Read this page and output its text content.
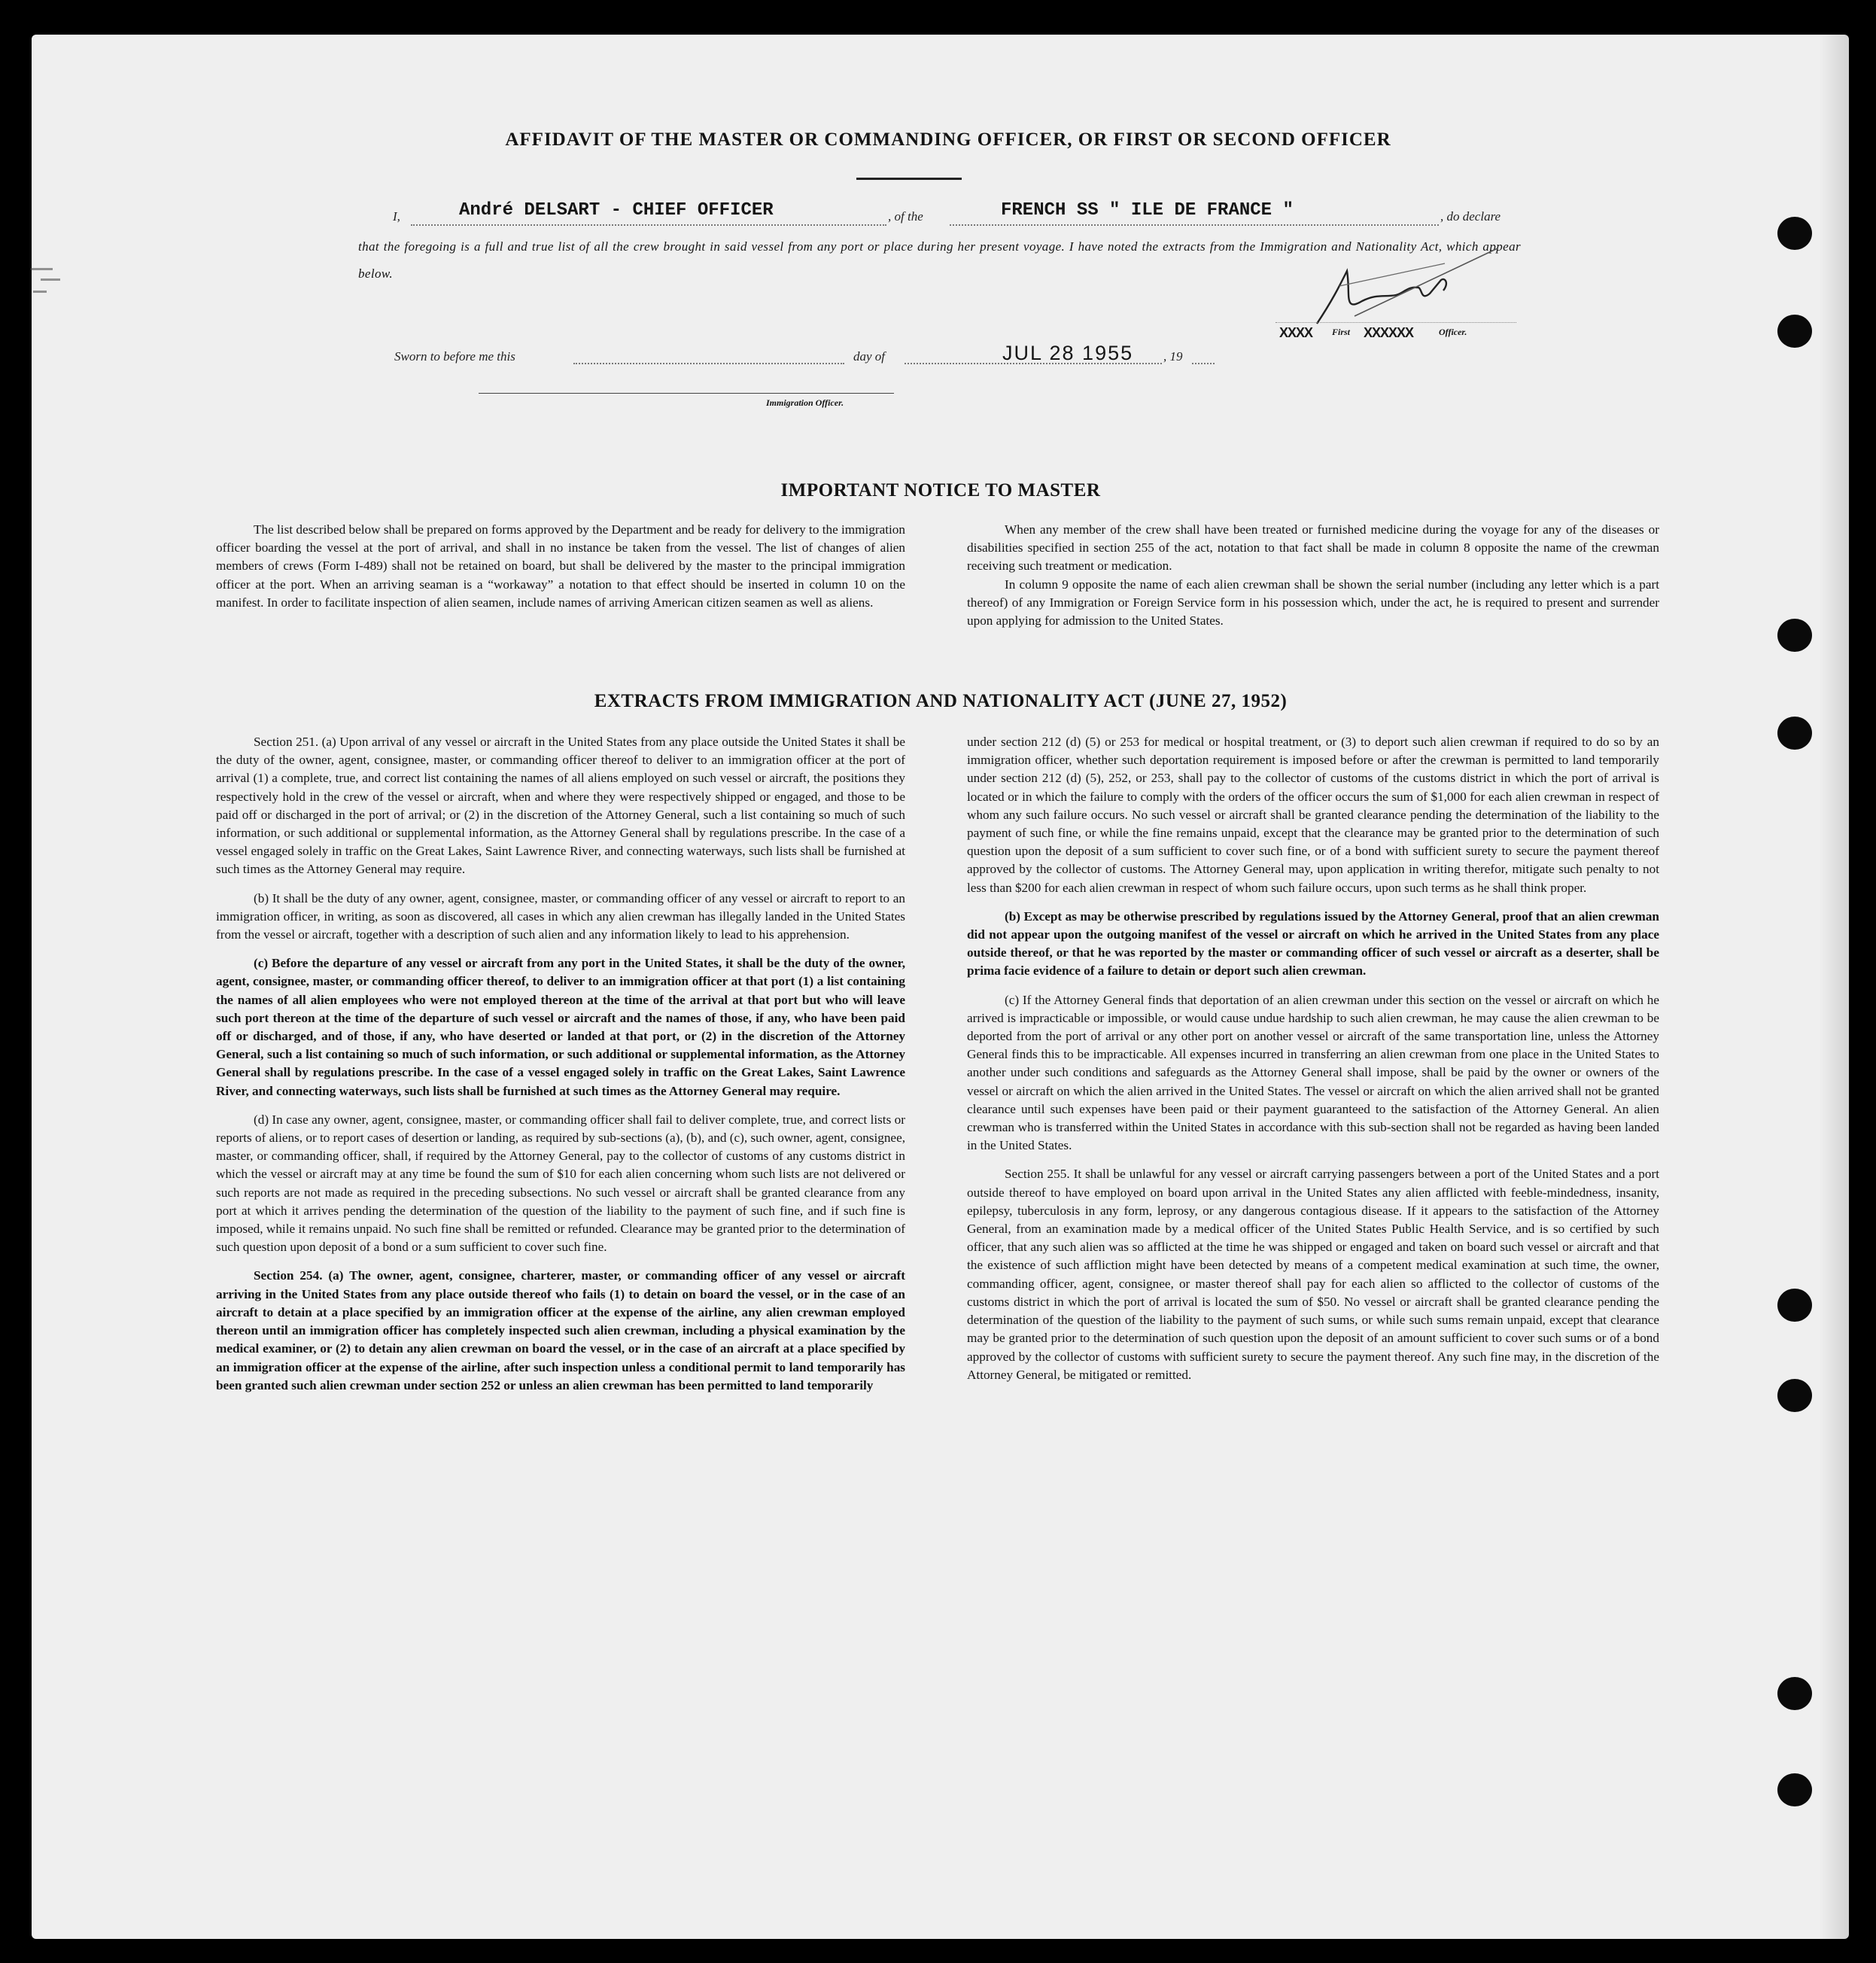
AFFIDAVIT OF THE MASTER OR COMMANDING OFFICER, OR FIRST OR SECOND OFFICER
I,	André DELSART - CHIEF OFFICER	, of the	FRENCH SS " ILE DE FRANCE "	, do declare
that the foregoing is a full and true list of all the crew brought in said vessel from any port or place during her present voyage. I have noted the extracts from the Immigration and Nationality Act, which appear below.
XXXX First XXXXXX	Officer.
Sworn to before me this	day of	JUL 28 1955 , 19
Immigration Officer.
IMPORTANT NOTICE TO MASTER

The list described below shall be prepared on forms approved by the Department and be ready for delivery to the immigration officer boarding the vessel at the port of arrival, and shall in no instance be taken from the vessel. The list of changes of alien members of crews (Form I-489) shall not be retained on board, but shall be delivered by the master to the principal immigration officer at the port. When an arriving seaman is a “workaway” a notation to that effect should be inserted in column 10 on the manifest. In order to facilitate inspection of alien seamen, include names of arriving American citizen seamen as well as aliens.

When any member of the crew shall have been treated or furnished medicine during the voyage for any of the diseases or disabilities specified in section 255 of the act, notation to that fact shall be made in column 8 opposite the name of the crewman receiving such treatment or medication.

In column 9 opposite the name of each alien crewman shall be shown the serial number (including any letter which is a part thereof) of any Immigration or Foreign Service form in his possession which, under the act, he is required to present and surrender upon applying for admission to the United States.

EXTRACTS FROM IMMIGRATION AND NATIONALITY ACT (JUNE 27, 1952)

Section 251. (a) Upon arrival of any vessel or aircraft in the United States from any place outside the United States it shall be the duty of the owner, agent, consignee, master, or commanding officer thereof to deliver to an immigration officer at the port of arrival (1) a complete, true, and correct list containing the names of all aliens employed on such vessel or aircraft, the positions they respectively hold in the crew of the vessel or aircraft, when and where they were respectively shipped or engaged, and those to be paid off or discharged in the port of arrival; or (2) in the discretion of the Attorney General, such a list containing so much of such information, or such additional or supplemental information, as the Attorney General shall by regulations prescribe. In the case of a vessel engaged solely in traffic on the Great Lakes, Saint Lawrence River, and connecting waterways, such lists shall be furnished at such times as the Attorney General may require.

(b) It shall be the duty of any owner, agent, consignee, master, or commanding officer of any vessel or aircraft to report to an immigration officer, in writing, as soon as discovered, all cases in which any alien crewman has illegally landed in the United States from the vessel or aircraft, together with a description of such alien and any information likely to lead to his apprehension.

(c) Before the departure of any vessel or aircraft from any port in the United States, it shall be the duty of the owner, agent, consignee, master, or commanding officer thereof, to deliver to an immigration officer at that port (1) a list containing the names of all alien employees who were not employed thereon at the time of the arrival at that port but who will leave such port thereon at the time of the departure of such vessel or aircraft and the names of those, if any, who have been paid off or discharged, and of those, if any, who have deserted or landed at that port, or (2) in the discretion of the Attorney General, such a list containing so much of such information, or such additional or supplemental information, as the Attorney General shall by regulations prescribe. In the case of a vessel engaged solely in traffic on the Great Lakes, Saint Lawrence River, and connecting waterways, such lists shall be furnished at such times as the Attorney General may require.

(d) In case any owner, agent, consignee, master, or commanding officer shall fail to deliver complete, true, and correct lists or reports of aliens, or to report cases of desertion or landing, as required by sub-sections (a), (b), and (c), such owner, agent, consignee, master, or commanding officer, shall, if required by the Attorney General, pay to the collector of customs of any customs district in which the vessel or aircraft may at any time be found the sum of $10 for each alien concerning whom such lists are not delivered or such reports are not made as required in the preceding subsections. No such vessel or aircraft shall be granted clearance from any port at which it arrives pending the determination of the question of the liability to the payment of such fine, and if such fine is imposed, while it remains unpaid. No such fine shall be remitted or refunded. Clearance may be granted prior to the determination of such question upon deposit of a bond or a sum sufficient to cover such fine.

Section 254. (a) The owner, agent, consignee, charterer, master, or commanding officer of any vessel or aircraft arriving in the United States from any place outside thereof who fails (1) to detain on board the vessel, or in the case of an aircraft to detain at a place specified by an immigration officer at the expense of the airline, any alien crewman employed thereon until an immigration officer has completely inspected such alien crewman, including a physical examination by the medical examiner, or (2) to detain any alien crewman on board the vessel, or in the case of an aircraft at a place specified by an immigration officer at the expense of the airline, after such inspection unless a conditional permit to land temporarily has been granted such alien crewman under section 252 or unless an alien crewman has been permitted to land temporarily

under section 212 (d) (5) or 253 for medical or hospital treatment, or (3) to deport such alien crewman if required to do so by an immigration officer, whether such deportation requirement is imposed before or after the crewman is permitted to land temporarily under section 212 (d) (5), 252, or 253, shall pay to the collector of customs of the customs district in which the port of arrival is located or in which the failure to comply with the orders of the officer occurs the sum of $1,000 for each alien crewman in respect of whom any such failure occurs. No such vessel or aircraft shall be granted clearance pending the determination of the liability to the payment of such fine, or while the fine remains unpaid, except that the clearance may be granted prior to the determination of such question upon the deposit of a sum sufficient to cover such fine, or of a bond with sufficient surety to secure the payment thereof approved by the collector of customs. The Attorney General may, upon application in writing therefor, mitigate such penalty to not less than $200 for each alien crewman in respect of whom such failure occurs, upon such terms as he shall think proper.

(b) Except as may be otherwise prescribed by regulations issued by the Attorney General, proof that an alien crewman did not appear upon the outgoing manifest of the vessel or aircraft on which he arrived in the United States from any place outside thereof, or that he was reported by the master or commanding officer of such vessel or aircraft as a deserter, shall be prima facie evidence of a failure to detain or deport such alien crewman.

(c) If the Attorney General finds that deportation of an alien crewman under this section on the vessel or aircraft on which he arrived is impracticable or impossible, or would cause undue hardship to such alien crewman, he may cause the alien crewman to be deported from the port of arrival or any other port on another vessel or aircraft of the same transportation line, unless the Attorney General finds this to be impracticable. All expenses incurred in transferring an alien crewman from one place in the United States to another under such conditions and safeguards as the Attorney General shall impose, shall be paid by the owner or owners of the vessel or aircraft on which the alien arrived in the United States. The vessel or aircraft on which the alien arrived shall not be granted clearance until such expenses have been paid or their payment guaranteed to the satisfaction of the Attorney General. An alien crewman who is transferred within the United States in accordance with this sub-section shall not be regarded as having been landed in the United States.

Section 255. It shall be unlawful for any vessel or aircraft carrying passengers between a port of the United States and a port outside thereof to have employed on board upon arrival in the United States any alien afflicted with feeble-mindedness, insanity, epilepsy, tuberculosis in any form, leprosy, or any dangerous contagious disease. If it appears to the satisfaction of the Attorney General, from an examination made by a medical officer of the United States Public Health Service, and is so certified by such officer, that any such alien was so afflicted at the time he was shipped or engaged and taken on board such vessel or aircraft and that the existence of such affliction might have been detected by means of a competent medical examination at such time, the owner, commanding officer, agent, consignee, or master thereof shall pay for each alien so afflicted to the collector of customs of the customs district in which the port of arrival is located the sum of $50. No vessel or aircraft shall be granted clearance pending the determination of the question of the liability to the payment of such sums, or while such sums remain unpaid, except that clearance may be granted prior to the determination of such question upon the deposit of an amount sufficient to cover such sums or of a bond approved by the collector of customs with sufficient surety to secure the payment thereof. Any such fine may, in the discretion of the Attorney General, be mitigated or remitted.
